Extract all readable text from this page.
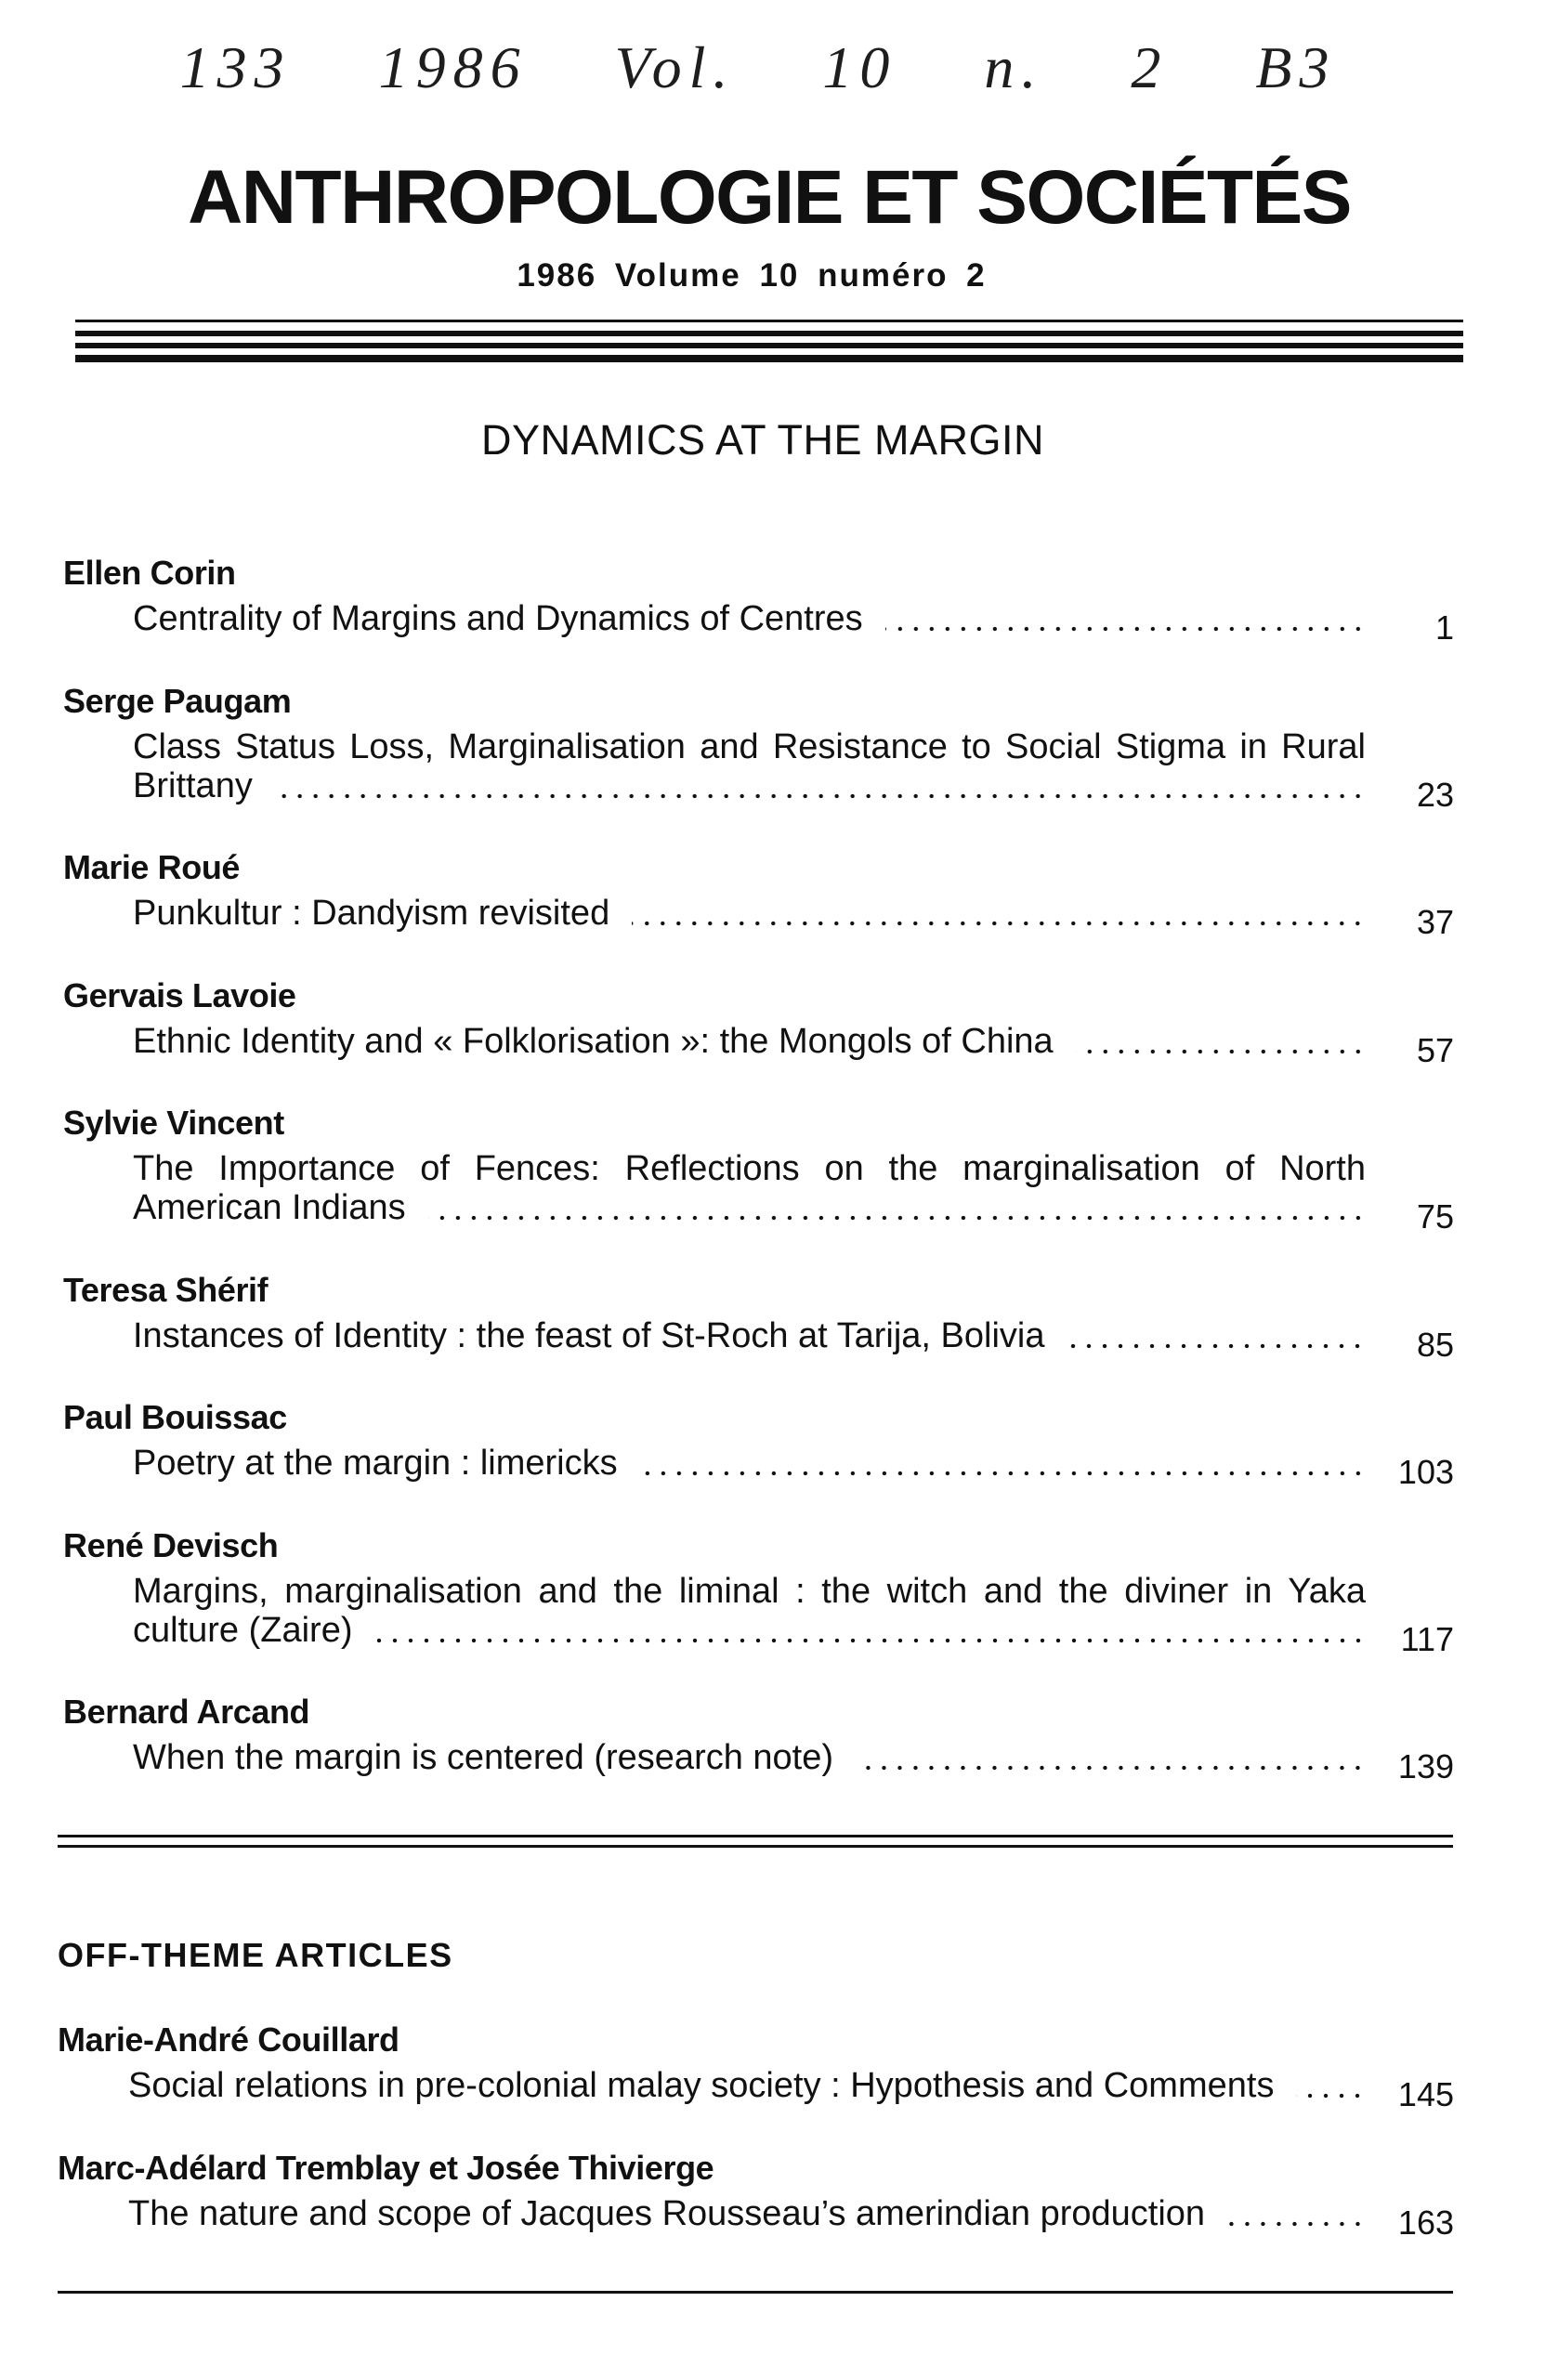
133 1986 Vol. 10 n. 2 B3
ANTHROPOLOGIE ET SOCIÉTÉS
1986 Volume 10 numéro 2
DYNAMICS AT THE MARGIN
Ellen Corin
Centrality of Margins and Dynamics of Centres	1
Serge Paugam
Class Status Loss, Marginalisation and Resistance to Social Stigma in Rural
Brittany	23
Marie Roué
Punkultur : Dandyism revisited	37
Gervais Lavoie
Ethnic Identity and « Folklorisation »: the Mongols of China	57
Sylvie Vincent
The Importance of Fences: Reflections on the marginalisation of North
American Indians	75
Teresa Shérif
Instances of Identity : the feast of St-Roch at Tarija, Bolivia	85
Paul Bouissac
Poetry at the margin : limericks	103
René Devisch
Margins, marginalisation and the liminal : the witch and the diviner in Yaka
culture (Zaire)	117
Bernard Arcand
When the margin is centered (research note)	139
OFF-THEME ARTICLES
Marie-André Couillard
Social relations in pre-colonial malay society : Hypothesis and Comments	145
Marc-Adélard Tremblay et Josée Thivierge
The nature and scope of Jacques Rousseau’s amerindian production	163
